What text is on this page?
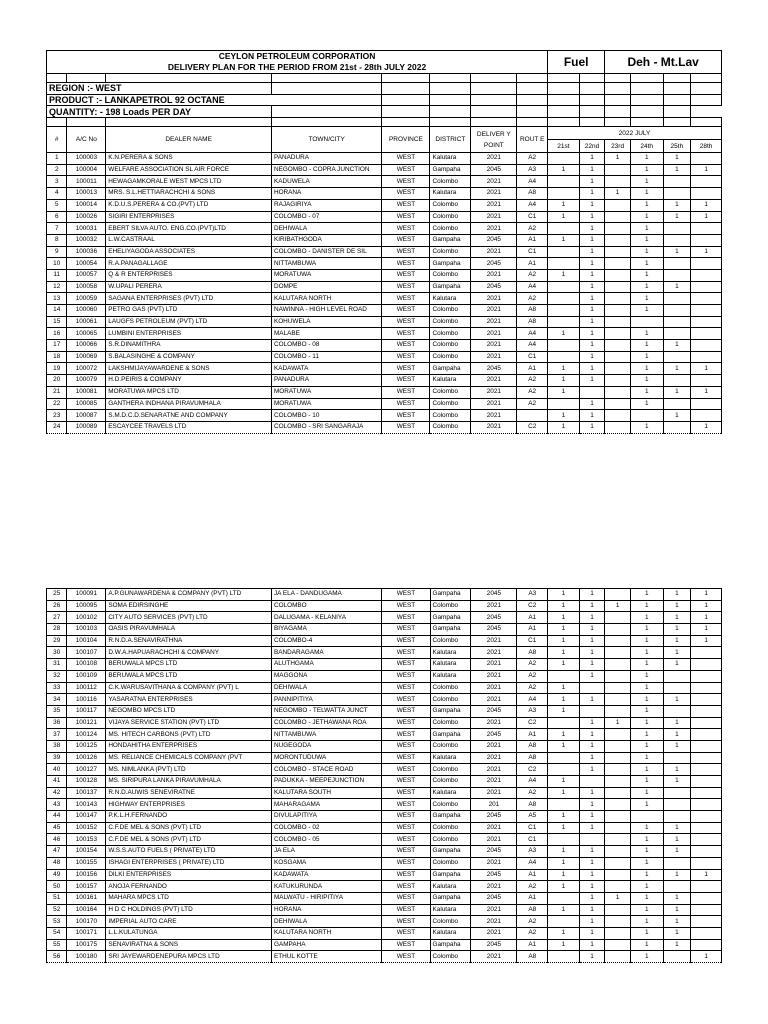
CEYLON PETROLEUM CORPORATION
DELIVERY PLAN FOR THE PERIOD FROM 21st - 28th JULY 2022								Fuel		Deh - Mt.Lav			

REGION :- WEST													
PRODUCT :- LANKAPETROL 92 OCTANE													
QUANTITY: - 198 Loads PER DAY													

#	A/C No	DEALER NAME	TOWN/CITY	PROVINCE	DISTRICT	DELIVER Y POINT	ROUT E	2022 JULY					
								21st	22nd	23rd	24th	25th	28th
1	100003	K.N.PERERA & SONS	PANADURA	WEST	Kalutara	2021	A2		1	1	1	1	
2	100004	WELFARE ASSOCIATION SL AIR FORCE	NEGOMBO - COPRA JUNCTION	WEST	Gampaha	2045	A3	1	1		1	1	1
3	100011	HEWAGAMKORALE WEST MPCS LTD	KADUWELA	WEST	Colombo	2021	A4		1		1		
4	100013	MRS. S.L.HETTIARACHCHI & SONS	HORANA	WEST	Kalutara	2021	A8		1	1	1		
5	100014	K.D.U.S.PERERA & CO.(PVT) LTD	RAJAGIRIYA	WEST	Colombo	2021	A4	1	1		1	1	1
6	100026	SIGIRI ENTERPRISES	COLOMBO - 07	WEST	Colombo	2021	C1	1	1		1	1	1
7	100031	EBERT SILVA AUTO. ENG.CO.(PVT)LTD	DEHIWALA	WEST	Colombo	2021	A2		1		1		
8	100032	L.W.CASTRAAL	KIRIBATHGODA	WEST	Gampaha	2045	A1	1	1		1		
9	100036	EHELIYAGODA ASSOCIATES	COLOMBO - DANISTER DE SIL	WEST	Colombo	2021	C1		1		1	1	1
10	100054	R.A.PANAGALLAGE	NITTAMBUWA	WEST	Gampaha	2045	A1		1		1		
11	100057	Q & R ENTERPRISES	MORATUWA	WEST	Colombo	2021	A2	1	1		1		
12	100058	W.UPALI PERERA	DOMPE	WEST	Gampaha	2045	A4		1		1	1	
13	100059	SAGANA ENTERPRISES (PVT) LTD	KALUTARA NORTH	WEST	Kalutara	2021	A2		1		1		
14	100060	PETRO GAS (PVT) LTD	NAWINNA - HIGH LEVEL ROAD	WEST	Colombo	2021	A8		1		1		
15	100061	LAUGFS PETROLEUM (PVT) LTD	KOHUWELA	WEST	Colombo	2021	A8		1				
16	100065	LUMBINI ENTERPRISES	MALABE	WEST	Colombo	2021	A4	1	1		1		
17	100066	S.R.DINAMITHRA	COLOMBO - 08	WEST	Colombo	2021	A4		1		1	1	
18	100069	S.BALASINGHE & COMPANY	COLOMBO - 11	WEST	Colombo	2021	C1		1		1		
19	100072	LAKSHMIJAYAWARDENE & SONS	KADAWATA	WEST	Gampaha	2045	A1	1	1		1	1	1
20	100079	H.D.PEIRIS & COMPANY	PANADURA	WEST	Kalutara	2021	A2	1	1		1		
21	100081	MORATUWA MPCS LTD	MORATUWA	WEST	Colombo	2021	A2	1			1	1	1
22	100085	GANTHERA INDHANA PIRAVUMHALA	MORATUWA	WEST	Colombo	2021	A2		1		1		
23	100087	S.M.D.C.D.SENARATNE AND COMPANY	COLOMBO - 10	WEST	Colombo	2021		1	1			1	
24	100089	ESCAYCEE TRAVELS LTD	COLOMBO - SRI SANGARAJA	WEST	Colombo	2021	C2	1	1		1		1
25	100091	A.P.GUNAWARDENA & COMPANY (PVT) LTD	JA ELA - DANDUGAMA	WEST	Gampaha	2045	A3	1	1		1	1	1
26	100095	SOMA EDIRSINGHE	COLOMBO	WEST	Colombo	2021	C2	1	1	1	1	1	1
27	100102	CITY AUTO SERVICES (PVT) LTD	DALUGAMA - KELANIYA	WEST	Gampaha	2045	A1	1	1		1	1	1
28	100103	OASIS PIRAVUMHALA	BIYAGAMA	WEST	Gampaha	2045	A1	1	1		1	1	1
29	100104	R.N.D.A.SENAVIRATHNA	COLOMBO-4	WEST	Colombo	2021	C1	1	1		1	1	1
30	100107	D.W.A.HAPUARACHCHI & COMPANY	BANDARAGAMA	WEST	Kalutara	2021	A8	1	1		1	1	
31	100108	BERUWALA MPCS LTD	ALUTHGAMA	WEST	Kalutara	2021	A2	1	1		1	1	
32	100109	BERUWALA MPCS LTD	MAGGONA	WEST	Kalutara	2021	A2		1		1		
33	100112	C.K.WARUSAVITHANA & COMPANY (PVT) L	DEHIWALA	WEST	Colombo	2021	A2	1			1		
34	100116	YASARATNA ENTERPRISES	PANNIPITIYA	WEST	Colombo	2021	A4	1	1		1	1	
35	100117	NEGOMBO MPCS LTD	NEGOMBO - TELWATTA JUNCT	WEST	Gampaha	2045	A3	1			1		
36	100121	VIJAYA SERVICE STATION (PVT) LTD	COLOMBO - JETHAWANA ROA	WEST	Colombo	2021	C2		1	1	1	1	
37	100124	MS. HITECH CARBONS (PVT) LTD	NITTAMBUWA	WEST	Gampaha	2045	A1	1	1		1	1	
38	100125	HONDAHITHA ENTERPRISES	NUGEGODA	WEST	Colombo	2021	A8	1	1		1	1	
39	100126	MS. RELIANCE CHEMICALS COMPANY (PVT	MORONTUDUWA	WEST	Kalutara	2021	A8		1		1		
40	100127	MS. NIMLANKA (PVT) LTD	COLOMBO - STACE ROAD	WEST	Colombo	2021	C2		1		1	1	
41	100128	MS. SIRIPURA LANKA PIRAVUMHALA	PADUKKA - MEEPEJUNCTION	WEST	Colombo	2021	A4	1			1	1	
42	100137	R.N.D.AUWIS SENEVIRATNE	KALUTARA SOUTH	WEST	Kalutara	2021	A2	1	1		1		
43	100143	HIGHWAY ENTERPRISES	MAHARAGAMA	WEST	Colombo	201	A8		1		1		
44	100147	P.K.L.H.FERNANDO	DIVULAPITIYA	WEST	Gampaha	2045	A5	1	1				
45	100152	C.F.DE MEL & SONS (PVT) LTD	COLOMBO - 02	WEST	Colombo	2021	C1	1	1		1	1	
46	100153	C.F.DE MEL & SONS (PVT) LTD	COLOMBO - 05	WEST	Colombo	2021	C1				1	1	
47	100154	W.S.S.AUTO FUELS ( PRIVATE) LTD	JA ELA	WEST	Gampaha	2045	A3	1	1		1	1	
48	100155	ISHAGI ENTERPRISES ( PRIVATE) LTD	KOSGAMA	WEST	Colombo	2021	A4	1	1		1		
49	100156	DILKI ENTERPRISES	KADAWATA	WEST	Gampaha	2045	A1	1	1		1	1	1
50	100157	ANOJA FERNANDO	KATUKURUNDA	WEST	Kalutara	2021	A2	1	1		1		
51	100161	MAHARA MPCS LTD	MALWATU - HIRIPITIYA	WEST	Gampaha	2045	A1		1	1	1	1	
52	100164	H D C HOLDINGS (PVT) LTD	HORANA	WEST	Kalutara	2021	A8	1	1		1	1	
53	100170	IMPERIAL AUTO CARE	DEHIWALA	WEST	Colombo	2021	A2		1		1	1	
54	100171	L.L.KULATUNGA	KALUTARA NORTH	WEST	Kalutara	2021	A2	1	1		1	1	
55	100175	SENAVIRATNA & SONS	GAMPAHA	WEST	Gampaha	2045	A1	1	1		1	1	
56	100180	SRI JAYEWARDENEPURA MPCS LTD	ETHUL KOTTE	WEST	Colombo	2021	A8		1		1		1
